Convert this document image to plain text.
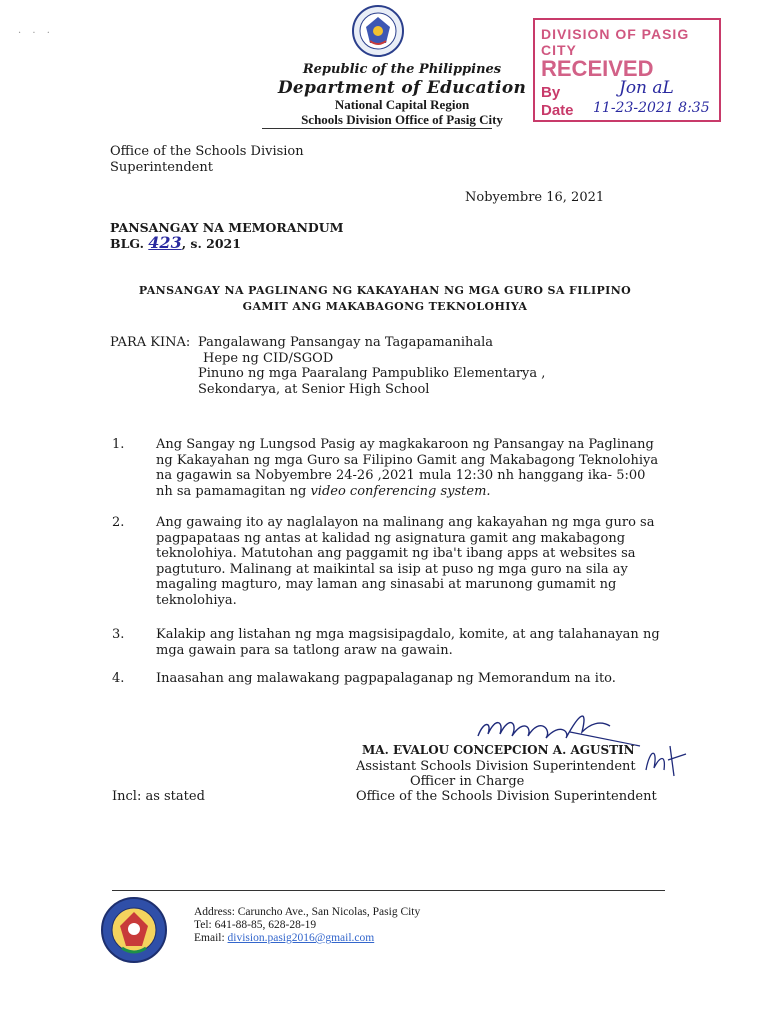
· · ·
Republic of the Philippines
Department of Education
National Capital Region
Schools Division Office of Pasig City
DIVISION OF PASIG CITY
RECEIVED
By
Date
Jon aL
11-23-2021 8:35
Office of the Schools Division
Superintendent
Nobyembre 16, 2021
PANSANGAY NA MEMORANDUM
BLG. 423, s. 2021
PANSANGAY NA PAGLINANG NG KAKAYAHAN NG MGA GURO SA FILIPINO
GAMIT ANG MAKABAGONG TEKNOLOHIYA
PARA KINA: Pangalawang Pansangay na Tagapamanihala
Hepe ng CID/SGOD
Pinuno ng mga Paaralang Pampubliko Elementarya ,
Sekondarya, at Senior High School
1. Ang Sangay ng Lungsod Pasig ay magkakaroon ng Pansangay na Paglinang
ng Kakayahan ng mga Guro sa Filipino Gamit ang Makabagong Teknolohiya
na gagawin sa Nobyembre 24-26 ,2021 mula 12:30 nh hanggang ika- 5:00
nh sa pamamagitan ng video conferencing system.
2. Ang gawaing ito ay naglalayon na malinang ang kakayahan ng mga guro sa
pagpapataas ng antas at kalidad ng asignatura gamit ang makabagong
teknolohiya. Matutohan ang paggamit ng iba't ibang apps at websites sa
pagtuturo. Malinang at maikintal sa isip at puso ng mga guro na sila ay
magaling magturo, may laman ang sinasabi at marunong gumamit ng
teknolohiya.
3. Kalakip ang listahan ng mga magsisipagdalo, komite, at ang talahanayan ng
mga gawain para sa tatlong araw na gawain.
4. Inaasahan ang malawakang pagpapalaganap ng Memorandum na ito.
MA. EVALOU CONCEPCION A. AGUSTIN
Assistant Schools Division Superintendent
Officer in Charge
Office of the Schools Division Superintendent
Incl: as stated
Address: Caruncho Ave., San Nicolas, Pasig City
Tel: 641-88-85, 628-28-19
Email: division.pasig2016@gmail.com
